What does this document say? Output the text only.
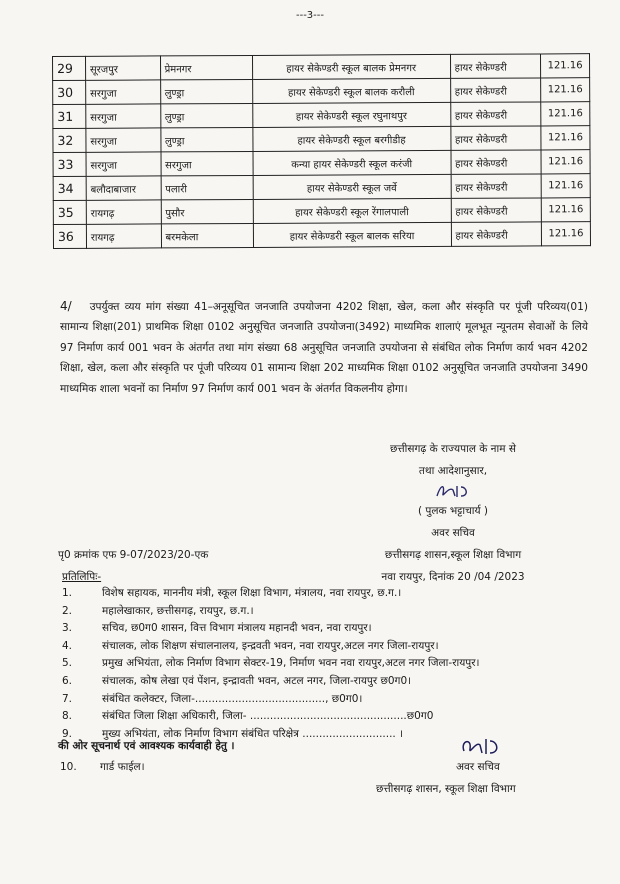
---3---
29	सूरजपुर	प्रेमनगर	हायर सेकेण्डरी स्कूल बालक प्रेमनगर	हायर सेकेण्डरी	121.16
30	सरगुजा	लुण्ड्रा	हायर सेकेण्डरी स्कूल बालक करौली	हायर सेकेण्डरी	121.16
31	सरगुजा	लुण्ड्रा	हायर सेकेण्डरी स्कूल रघुनाथपुर	हायर सेकेण्डरी	121.16
32	सरगुजा	लुण्ड्रा	हायर सेकेण्डरी स्कूल बरगीडीह	हायर सेकेण्डरी	121.16
33	सरगुजा	सरगुजा	कन्या हायर सेकेण्डरी स्कूल करंजी	हायर सेकेण्डरी	121.16
34	बलौदाबाजार	पलारी	हायर सेकेण्डरी स्कूल जर्वे	हायर सेकेण्डरी	121.16
35	रायगढ़	पुसौर	हायर सेकेण्डरी स्कूल रेंगालपाली	हायर सेकेण्डरी	121.16
36	रायगढ़	बरमकेला	हायर सेकेण्डरी स्कूल बालक सरिया	हायर सेकेण्डरी	121.16
4/ उपर्युक्त व्यय मांग संख्या 41–अनूसूचित जनजाति उपयोजना 4202 शिक्षा, खेल, कला और संस्कृति पर पूंजी परिव्यय(01) सामान्य शिक्षा(201) प्राथमिक शिक्षा 0102 अनुसूचित जनजाति उपयोजना(3492) माध्यमिक शालाएं मूलभूत न्यूनतम सेवाओं के लिये 97 निर्माण कार्य 001 भवन के अंतर्गत तथा मांग संख्या 68 अनुसूचित जनजाति उपयोजना से संबंधित लोक निर्माण कार्य भवन 4202 शिक्षा, खेल, कला और संस्कृति पर पूंजी परिव्यय 01 सामान्य शिक्षा 202 माध्यमिक शिक्षा 0102 अनुसूचित जनजाति उपयोजना 3490 माध्यमिक शाला भवनों का निर्माण 97 निर्माण कार्य 001 भवन के अंतर्गत विकलनीय होगा।
छत्तीसगढ़ के राज्यपाल के नाम से
तथा आदेशानुसार,
( पुलक भट्टाचार्य )
अवर सचिव
छत्तीसगढ़ शासन,स्कूल शिक्षा विभाग
नवा रायपुर, दिनांक 20 /04 /2023
पृ0 क्रमांक एफ 9-07/2023/20-एक
प्रतिलिपिः-
1.	विशेष सहायक, माननीय मंत्री, स्कूल शिक्षा विभाग, मंत्रालय, नवा रायपुर, छ.ग.।
2.	महालेखाकार, छत्तीसगढ़, रायपुर, छ.ग.।
3.	सचिव, छ0ग0 शासन, वित्त विभाग मंत्रालय महानदी भवन, नवा रायपुर।
4.	संचालक, लोक शिक्षण संचालनालय, इन्द्रवती भवन, नवा रायपुर,अटल नगर जिला-रायपुर।
5.	प्रमुख अभियंता, लोक निर्माण विभाग सेक्टर-19, निर्माण भवन नवा रायपुर,अटल नगर जिला-रायपुर।
6.	संचालक, कोष लेखा एवं पेंशन, इन्द्रावती भवन, अटल नगर, जिला-रायपुर छ0ग0।
7.	संबंधित कलेक्टर, जिला-......................................., छ0ग0।
8.	संबंधित जिला शिक्षा अधिकारी, जिला- ...............................................छ0ग0
9.	मुख्य अभियंता, लोक निर्माण विभाग संबंधित परिक्षेत्र ............................ ।
की ओर सूचनार्थ एवं आवश्यक कार्यवाही हेतु ।
10. गार्ड फाईल।	अवर सचिव
छत्तीसगढ़ शासन, स्कूल शिक्षा विभाग
